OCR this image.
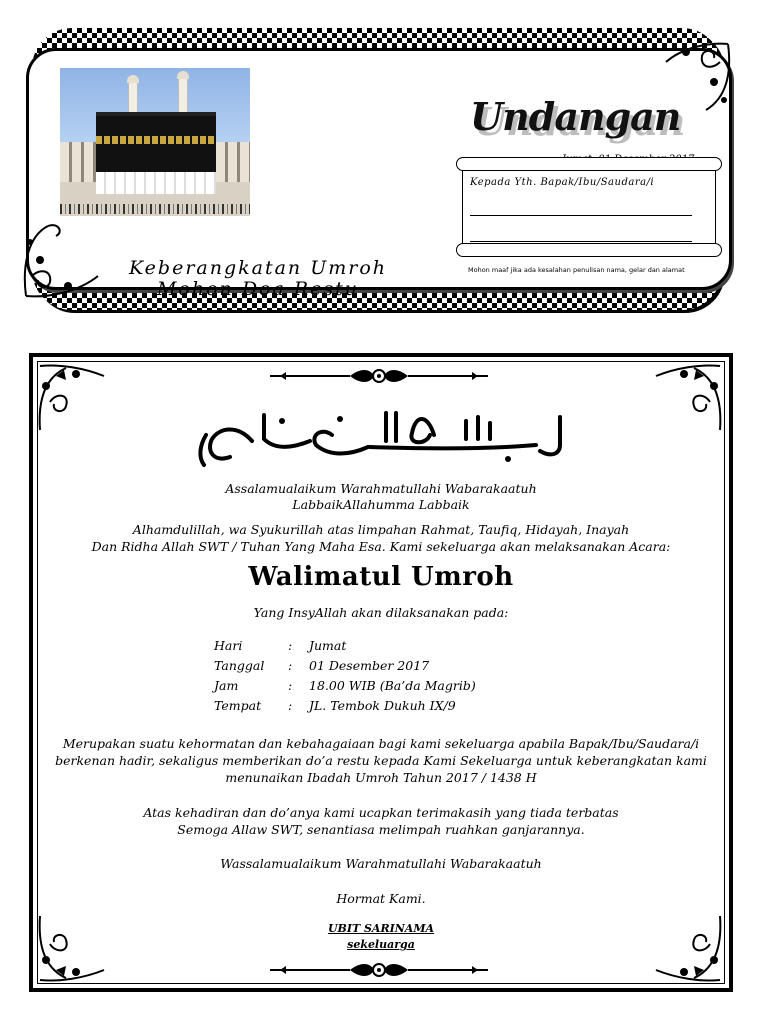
Keberangkatan Umroh
Mohon Doa Restu
Undangan
Kepada Yth. Bapak/Ibu/Saudara/i
Mohon maaf jika ada kesalahan penulisan nama, gelar dan alamat
Assalamualaikum Warahmatullahi Wabarakaatuh
LabbaikAllahumma Labbaik
Alhamdulillah, wa Syukurillah atas limpahan Rahmat, Taufiq, Hidayah, Inayah
Dan Ridha Allah SWT / Tuhan Yang Maha Esa. Kami sekeluarga akan melaksanakan Acara:
Walimatul Umroh
Yang InsyAllah akan dilaksanakan pada:
Hari	: Jumat
Tanggal : 01 Desember 2017
Jam	: 18.00 WIB (Ba’da Magrib)
Tempat : JL. Tembok Dukuh IX/9
Merupakan suatu kehormatan dan kebahagaiaan bagi kami sekeluarga apabila Bapak/Ibu/Saudara/i
berkenan hadir, sekaligus memberikan do’a restu kepada Kami Sekeluarga untuk keberangkatan kami
menunaikan Ibadah Umroh Tahun 2017 / 1438 H
Atas kehadiran dan do’anya kami ucapkan terimakasih yang tiada terbatas
Semoga Allaw SWT, senantiasa melimpah ruahkan ganjarannya.
Wassalamualaikum Warahmatullahi Wabarakaatuh
Hormat Kami.
UBIT SARINAMA
sekeluarga
